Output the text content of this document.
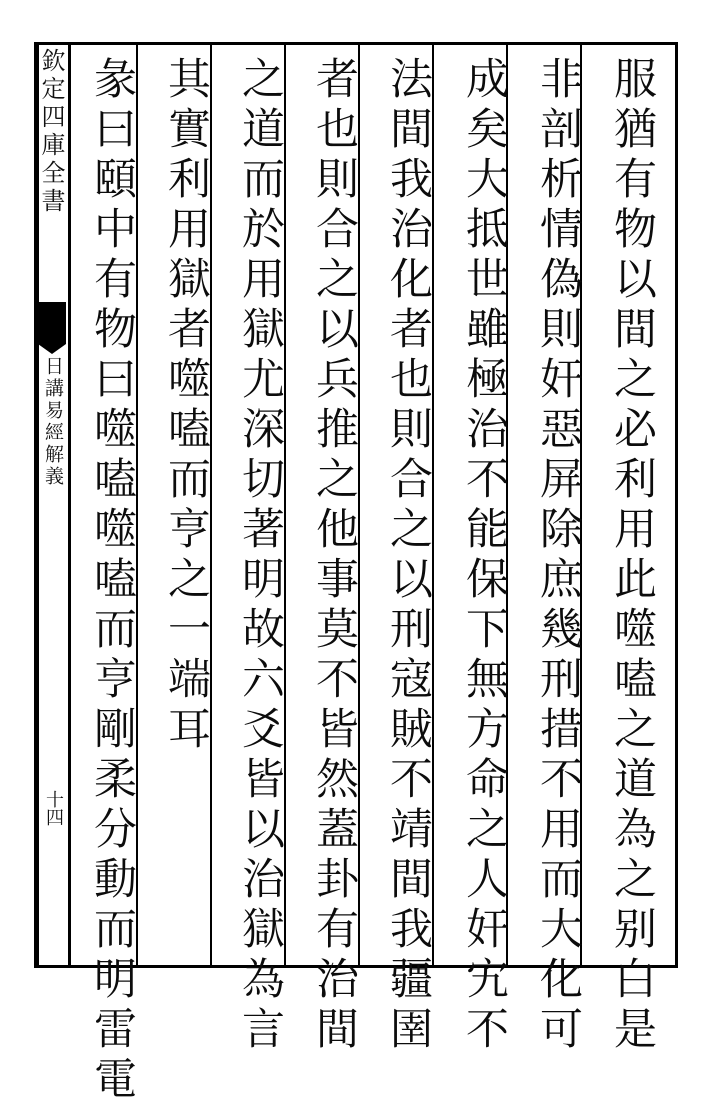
欽定四庫全書
日講易經解義
十四	服猶有物以間之必利用此噬嗑之道為之别白是
非剖析情偽則奸惡屏除庶幾刑措不用而大化可
成矣大抵世雖極治不能保下無方命之人奸宄不
法間我治化者也則合之以刑寇賊不靖間我疆圉
者也則合之以兵推之他事莫不皆然蓋卦有治間
之道而於用獄尤深切著明故六爻皆以治獄為言
其實利用獄者噬嗑而亨之一端耳
彖曰頤中有物曰噬嗑噬嗑而亨剛柔分動而明雷電
